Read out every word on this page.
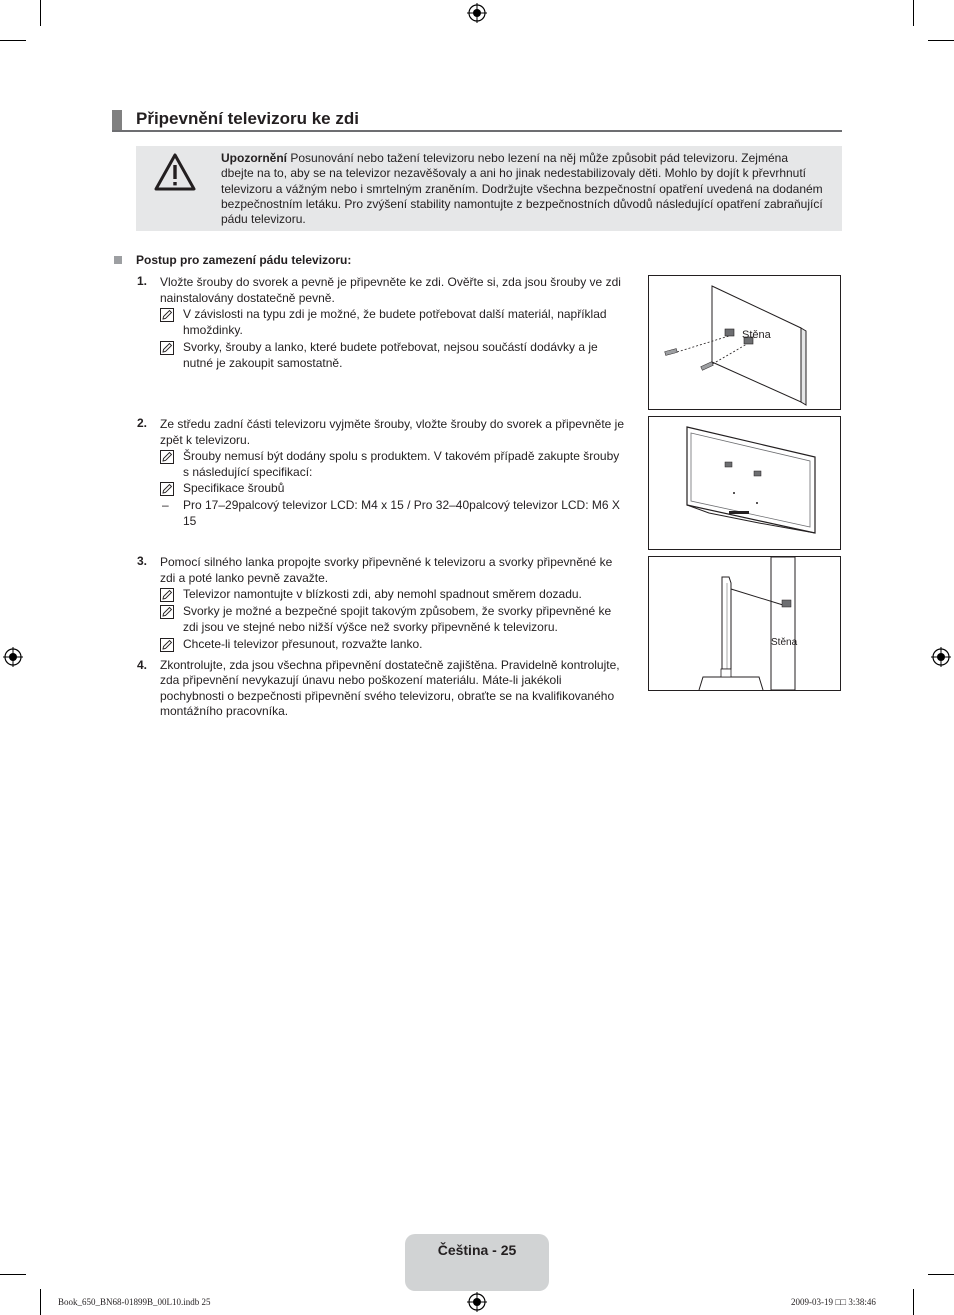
Připevnění televizoru ke zdi
Upozornění Posunování nebo tažení televizoru nebo lezení na něj může způsobit pád televizoru. Zejména
dbejte na to, aby se na televizor nezavěšovaly a ani ho jinak nedestabilizovaly děti. Mohlo by dojít k převrhnutí
televizoru a vážným nebo i smrtelným zraněním. Dodržujte všechna bezpečnostní opatření uvedená na dodaném
bezpečnostním letáku. Pro zvýšení stability namontujte z bezpečnostních důvodů následující opatření zabraňující
pádu televizoru.
Postup pro zamezení pádu televizoru:
1. Vložte šrouby do svorek a pevně je připevněte ke zdi. Ověřte si, zda jsou šrouby ve zdi
nainstalovány dostatečně pevně.
V závislosti na typu zdi je možné, že budete potřebovat další materiál, například
hmoždinky.
Svorky, šrouby a lanko, které budete potřebovat, nejsou součástí dodávky a je
nutné je zakoupit samostatně.
Stěna
2. Ze středu zadní části televizoru vyjměte šrouby, vložte šrouby do svorek a připevněte je
zpět k televizoru.
Šrouby nemusí být dodány spolu s produktem. V takovém případě zakupte šrouby
s následující specifikací:
Specifikace šroubů
– Pro 17–29palcový televizor LCD: M4 x 15 / Pro 32–40palcový televizor LCD: M6 X
15
3. Pomocí silného lanka propojte svorky připevněné k televizoru a svorky připevněné ke
zdi a poté lanko pevně zavažte.
Televizor namontujte v blízkosti zdi, aby nemohl spadnout směrem dozadu.
Svorky je možné a bezpečné spojit takovým způsobem, že svorky připevněné ke
zdi jsou ve stejné nebo nižší výšce než svorky připevněné k televizoru.
Chcete-li televizor přesunout, rozvažte lanko.	Stěna
4. Zkontrolujte, zda jsou všechna připevnění dostatečně zajištěna. Pravidelně kontrolujte,
zda připevnění nevykazují únavu nebo poškození materiálu. Máte-li jakékoli
pochybnosti o bezpečnosti připevnění svého televizoru, obraťte se na kvalifikovaného
montážního pracovníka.
Čeština - 25
Book_650_BN68-01899B_00L10.indb 25	2009-03-19 □□ 3:38:46
